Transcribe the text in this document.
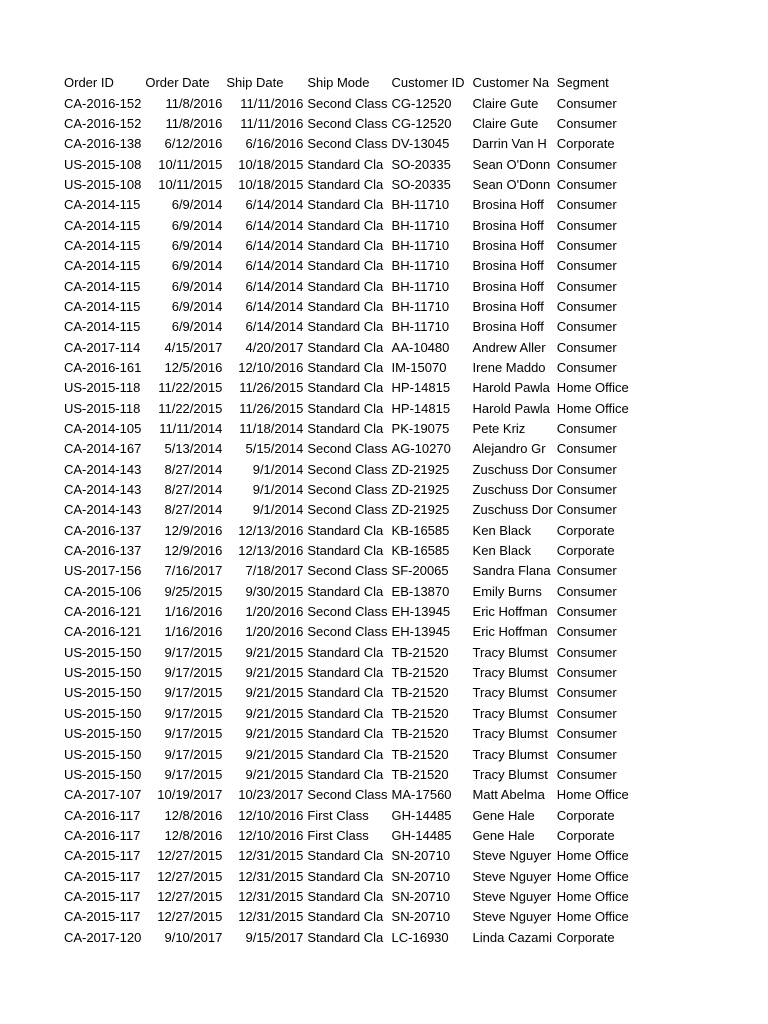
Order ID	Order Date	Ship Date	Ship Mode	Customer ID	Customer Na	Segment
CA-2016-152	11/8/2016	11/11/2016	Second Class	CG-12520	Claire Gute	Consumer
CA-2016-152	11/8/2016	11/11/2016	Second Class	CG-12520	Claire Gute	Consumer
CA-2016-138	6/12/2016	6/16/2016	Second Class	DV-13045	Darrin Van H	Corporate
US-2015-108	10/11/2015	10/18/2015	Standard Cla	SO-20335	Sean O'Donn	Consumer
US-2015-108	10/11/2015	10/18/2015	Standard Cla	SO-20335	Sean O'Donn	Consumer
CA-2014-115	6/9/2014	6/14/2014	Standard Cla	BH-11710	Brosina Hoff	Consumer
CA-2014-115	6/9/2014	6/14/2014	Standard Cla	BH-11710	Brosina Hoff	Consumer
CA-2014-115	6/9/2014	6/14/2014	Standard Cla	BH-11710	Brosina Hoff	Consumer
CA-2014-115	6/9/2014	6/14/2014	Standard Cla	BH-11710	Brosina Hoff	Consumer
CA-2014-115	6/9/2014	6/14/2014	Standard Cla	BH-11710	Brosina Hoff	Consumer
CA-2014-115	6/9/2014	6/14/2014	Standard Cla	BH-11710	Brosina Hoff	Consumer
CA-2014-115	6/9/2014	6/14/2014	Standard Cla	BH-11710	Brosina Hoff	Consumer
CA-2017-114	4/15/2017	4/20/2017	Standard Cla	AA-10480	Andrew Aller	Consumer
CA-2016-161	12/5/2016	12/10/2016	Standard Cla	IM-15070	Irene Maddo	Consumer
US-2015-118	11/22/2015	11/26/2015	Standard Cla	HP-14815	Harold Pawla	Home Office
US-2015-118	11/22/2015	11/26/2015	Standard Cla	HP-14815	Harold Pawla	Home Office
CA-2014-105	11/11/2014	11/18/2014	Standard Cla	PK-19075	Pete Kriz	Consumer
CA-2014-167	5/13/2014	5/15/2014	Second Class	AG-10270	Alejandro Gr	Consumer
CA-2014-143	8/27/2014	9/1/2014	Second Class	ZD-21925	Zuschuss Dor	Consumer
CA-2014-143	8/27/2014	9/1/2014	Second Class	ZD-21925	Zuschuss Dor	Consumer
CA-2014-143	8/27/2014	9/1/2014	Second Class	ZD-21925	Zuschuss Dor	Consumer
CA-2016-137	12/9/2016	12/13/2016	Standard Cla	KB-16585	Ken Black	Corporate
CA-2016-137	12/9/2016	12/13/2016	Standard Cla	KB-16585	Ken Black	Corporate
US-2017-156	7/16/2017	7/18/2017	Second Class	SF-20065	Sandra Flana	Consumer
CA-2015-106	9/25/2015	9/30/2015	Standard Cla	EB-13870	Emily Burns	Consumer
CA-2016-121	1/16/2016	1/20/2016	Second Class	EH-13945	Eric Hoffman	Consumer
CA-2016-121	1/16/2016	1/20/2016	Second Class	EH-13945	Eric Hoffman	Consumer
US-2015-150	9/17/2015	9/21/2015	Standard Cla	TB-21520	Tracy Blumst	Consumer
US-2015-150	9/17/2015	9/21/2015	Standard Cla	TB-21520	Tracy Blumst	Consumer
US-2015-150	9/17/2015	9/21/2015	Standard Cla	TB-21520	Tracy Blumst	Consumer
US-2015-150	9/17/2015	9/21/2015	Standard Cla	TB-21520	Tracy Blumst	Consumer
US-2015-150	9/17/2015	9/21/2015	Standard Cla	TB-21520	Tracy Blumst	Consumer
US-2015-150	9/17/2015	9/21/2015	Standard Cla	TB-21520	Tracy Blumst	Consumer
US-2015-150	9/17/2015	9/21/2015	Standard Cla	TB-21520	Tracy Blumst	Consumer
CA-2017-107	10/19/2017	10/23/2017	Second Class	MA-17560	Matt Abelma	Home Office
CA-2016-117	12/8/2016	12/10/2016	First Class	GH-14485	Gene Hale	Corporate
CA-2016-117	12/8/2016	12/10/2016	First Class	GH-14485	Gene Hale	Corporate
CA-2015-117	12/27/2015	12/31/2015	Standard Cla	SN-20710	Steve Nguyer	Home Office
CA-2015-117	12/27/2015	12/31/2015	Standard Cla	SN-20710	Steve Nguyer	Home Office
CA-2015-117	12/27/2015	12/31/2015	Standard Cla	SN-20710	Steve Nguyer	Home Office
CA-2015-117	12/27/2015	12/31/2015	Standard Cla	SN-20710	Steve Nguyer	Home Office
CA-2017-120	9/10/2017	9/15/2017	Standard Cla	LC-16930	Linda Cazami	Corporate
